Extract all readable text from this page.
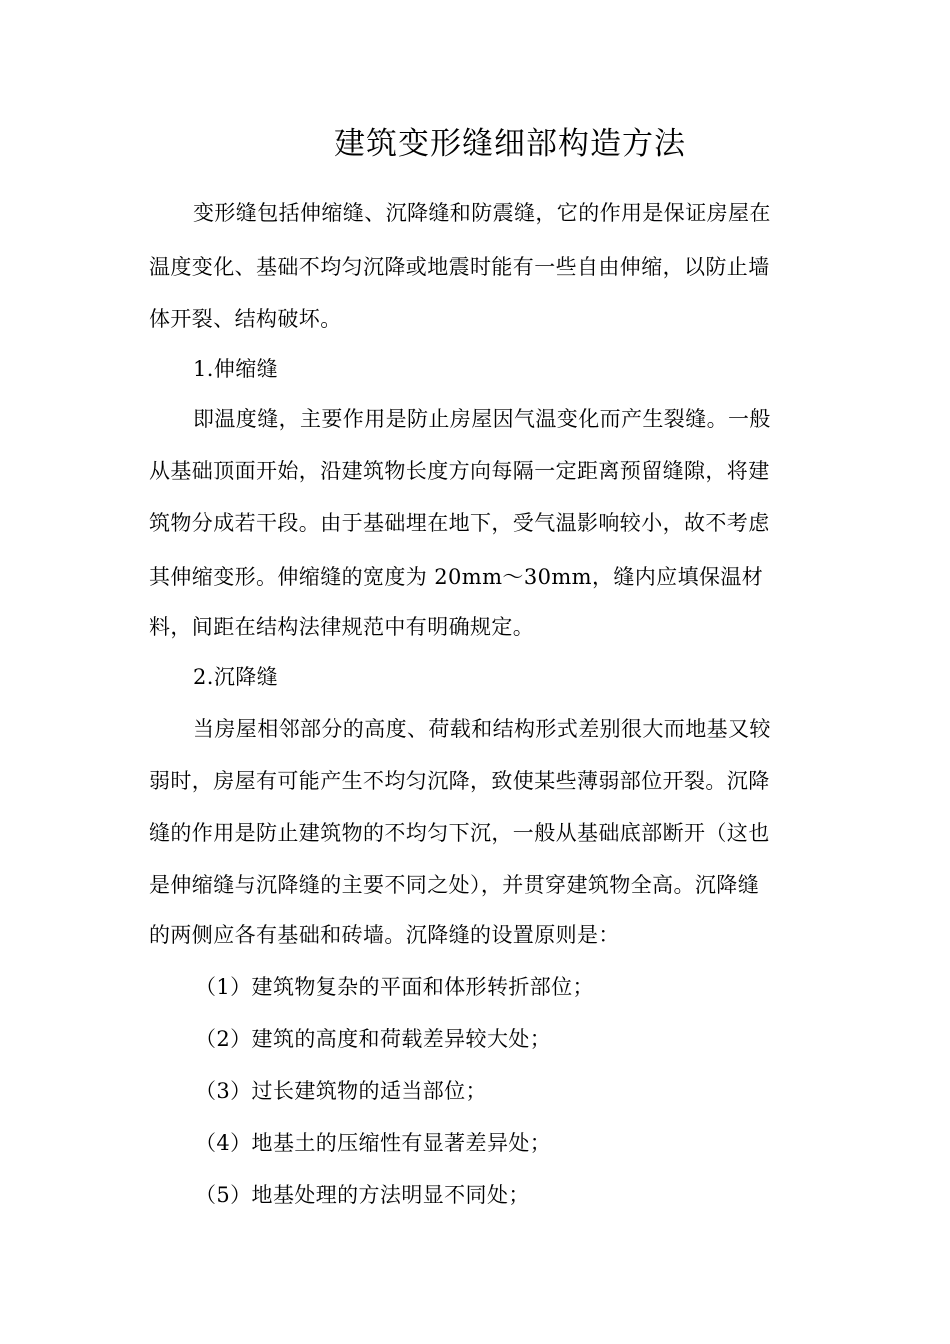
建筑变形缝细部构造方法
变形缝包括伸缩缝、沉降缝和防震缝，它的作用是保证房屋在
温度变化、基础不均匀沉降或地震时能有一些自由伸缩，以防止墙
体开裂、结构破坏。
1.伸缩缝
即温度缝，主要作用是防止房屋因气温变化而产生裂缝。一般
从基础顶面开始，沿建筑物长度方向每隔一定距离预留缝隙，将建
筑物分成若干段。由于基础埋在地下，受气温影响较小，故不考虑
其伸缩变形。伸缩缝的宽度为 20mm～30mm，缝内应填保温材
料，间距在结构法律规范中有明确规定。
2.沉降缝
当房屋相邻部分的高度、荷载和结构形式差别很大而地基又较
弱时，房屋有可能产生不均匀沉降，致使某些薄弱部位开裂。沉降
缝的作用是防止建筑物的不均匀下沉，一般从基础底部断开（这也
是伸缩缝与沉降缝的主要不同之处），并贯穿建筑物全高。沉降缝
的两侧应各有基础和砖墙。沉降缝的设置原则是：
（1）建筑物复杂的平面和体形转折部位；
（2）建筑的高度和荷载差异较大处；
（3）过长建筑物的适当部位；
（4）地基土的压缩性有显著差异处；
（5）地基处理的方法明显不同处；
